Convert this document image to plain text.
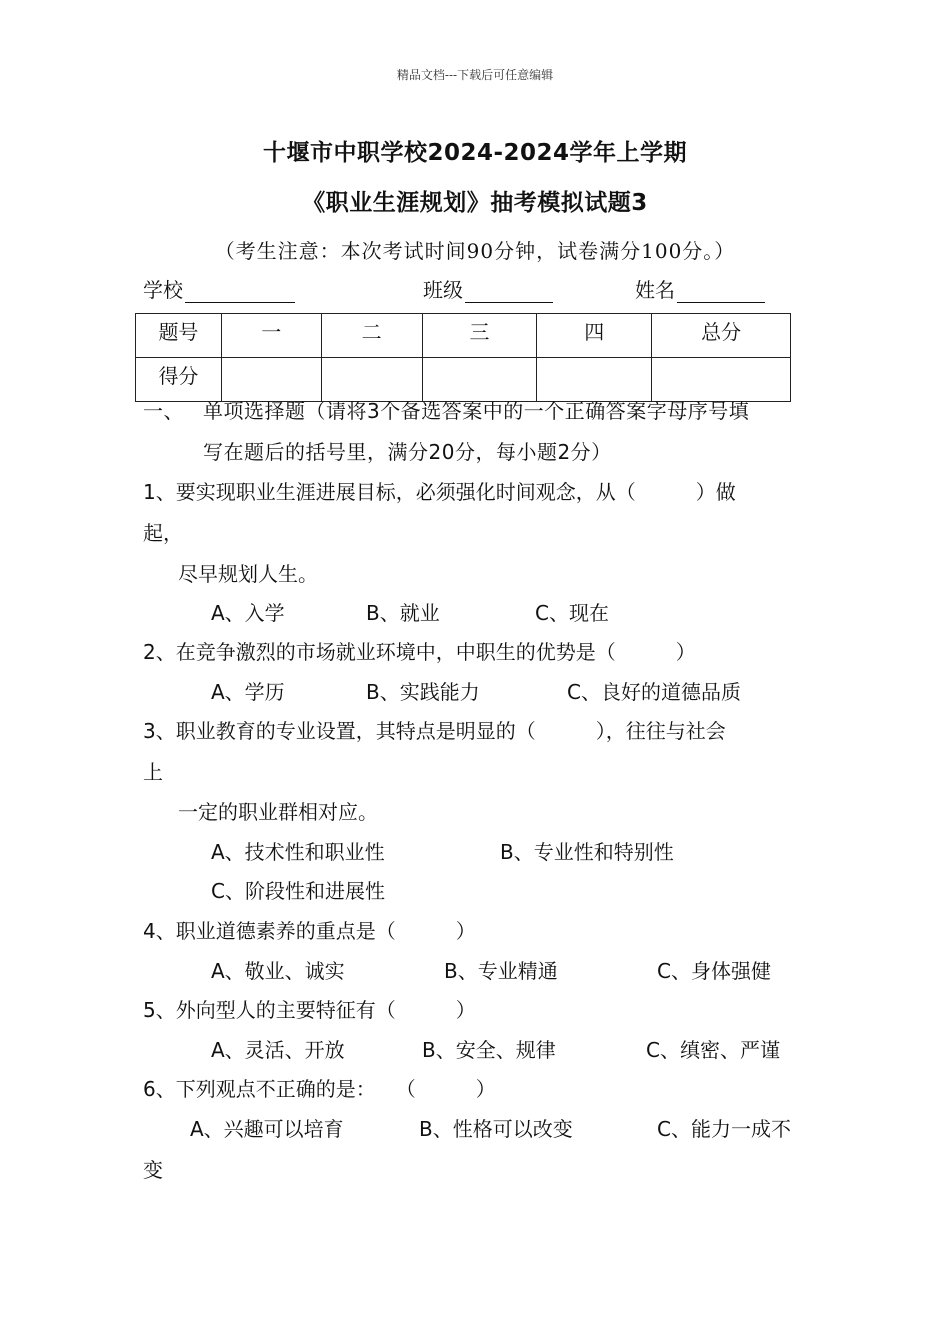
精品文档---下载后可任意编辑
十堰市中职学校2024-2024学年上学期
《职业生涯规划》抽考模拟试题3
（考生注意：本次考试时间90分钟，试卷满分100分。）
学校	班级	姓名
题号	一	二	三	四	总分
得分					
一、 单项选择题（请将3个备选答案中的一个正确答案字母序号填
写在题后的括号里，满分20分，每小题2分）
1、要实现职业生涯进展目标，必须强化时间观念，从（　　　）做
起，
尽早规划人生。
A、入学	B、就业	C、现在
2、在竞争激烈的市场就业环境中，中职生的优势是（　　　）
A、学历	B、实践能力	C、良好的道德品质
3、职业教育的专业设置，其特点是明显的（　　　），往往与社会
上
一定的职业群相对应。
A、技术性和职业性	B、专业性和特别性
C、阶段性和进展性
4、职业道德素养的重点是（　　　）
A、敬业、诚实	B、专业精通	C、身体强健
5、外向型人的主要特征有（　　　）
A、灵活、开放	B、安全、规律	C、缜密、严谨
6、下列观点不正确的是：　　（　　　）
A、兴趣可以培育	B、性格可以改变	C、能力一成不
变
